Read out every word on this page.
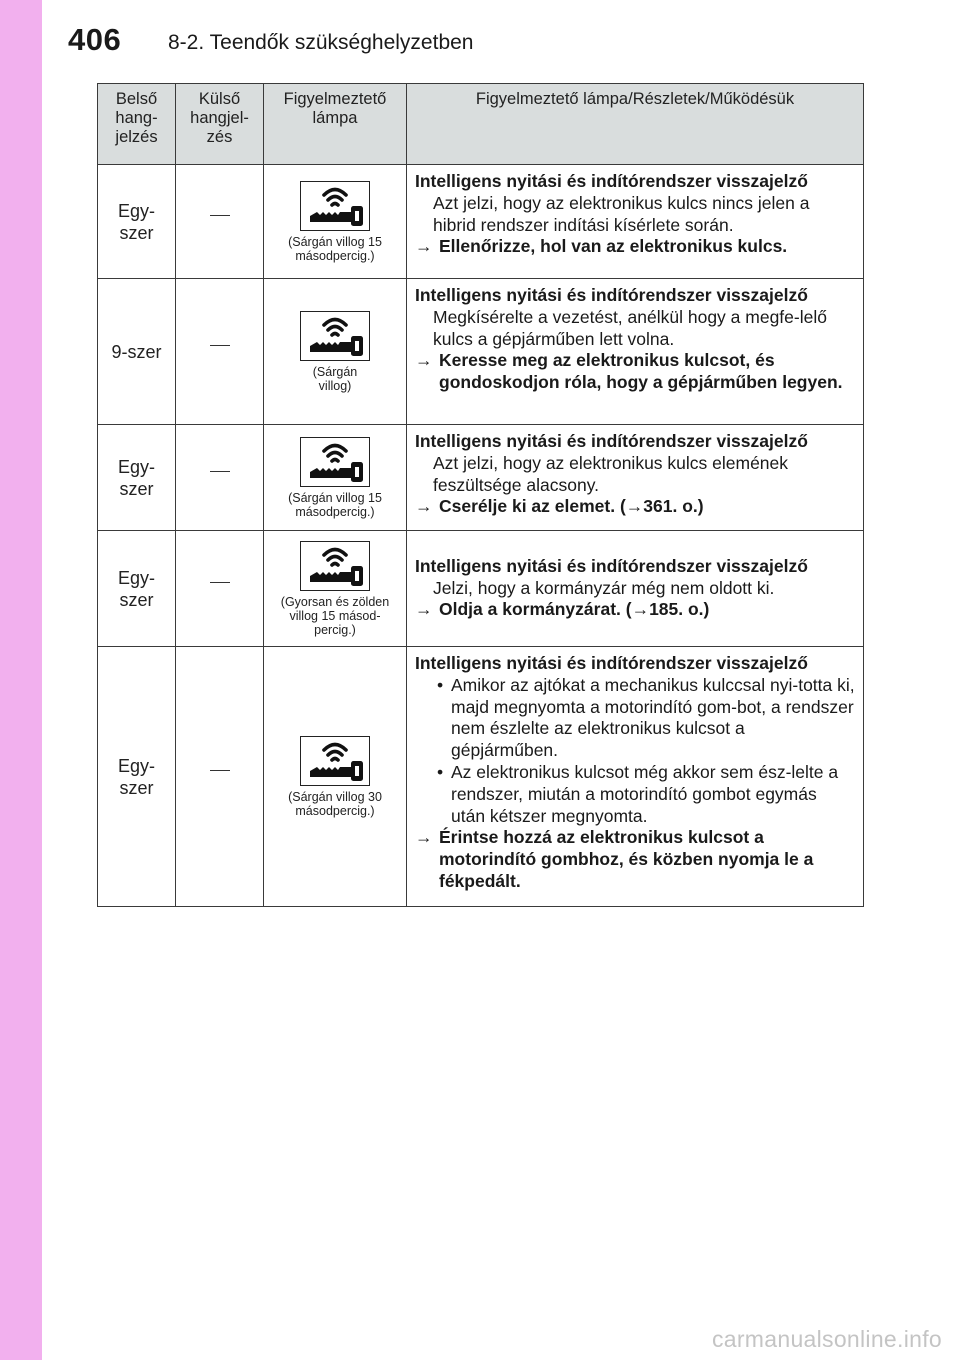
406 8-2. Teendők szükséghelyzetben
Belső hang-jelzés	Külső hangjel-zés	Figyelmeztető lámpa	Figyelmeztető lámpa/Részletek/Működésük
Egy-szer		(Sárgán villog 15 másodpercig.)	Intelligens nyitási és indítórendszer visszajelző
Azt jelzi, hogy az elektronikus kulcs nincs jelen a hibrid rendszer indítási kísérlete során.
→ Ellenőrizze, hol van az elektronikus kulcs.

9-szer		(Sárgán villog)	Intelligens nyitási és indítórendszer visszajelző
Megkísérelte a vezetést, anélkül hogy a megfe-lelő kulcs a gépjárműben lett volna.
→ Keresse meg az elektronikus kulcsot, és gondoskodjon róla, hogy a gépjárműben legyen.

Egy-szer		(Sárgán villog 15 másodpercig.)	Intelligens nyitási és indítórendszer visszajelző
Azt jelzi, hogy az elektronikus kulcs elemének feszültsége alacsony.
→ Cserélje ki az elemet. (→361. o.)

Egy-szer		(Gyorsan és zölden villog 15 másod-percig.)	Intelligens nyitási és indítórendszer visszajelző
Jelzi, hogy a kormányzár még nem oldott ki.
→ Oldja a kormányzárat. (→185. o.)

Egy-szer		(Sárgán villog 30 másodpercig.)	Intelligens nyitási és indítórendszer visszajelző
• Amikor az ajtókat a mechanikus kulccsal nyi-totta ki, majd megnyomta a motorindító gom-bot, a rendszer nem észlelte az elektronikus kulcsot a gépjárműben.
• Az elektronikus kulcsot még akkor sem ész-lelte a rendszer, miután a motorindító gombot egymás után kétszer megnyomta.
→ Érintse hozzá az elektronikus kulcsot a motorindító gombhoz, és közben nyomja le a fékpedált.
carmanualsonline.info
